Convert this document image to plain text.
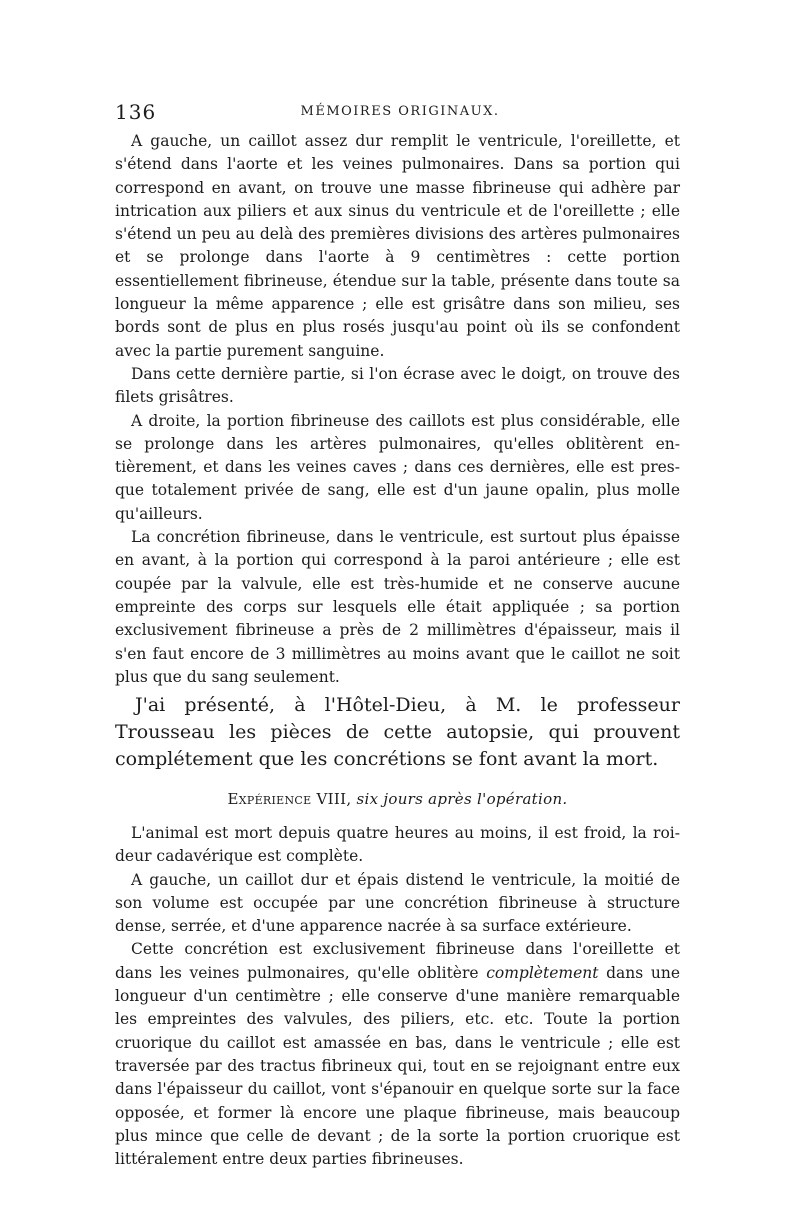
136	MÉMOIRES ORIGINAUX.

A gauche, un caillot assez dur remplit le ventricule, l'oreillette, et s'étend dans l'aorte et les veines pulmonaires. Dans sa portion qui correspond en avant, on trouve une masse fibrineuse qui adhère par intrication aux piliers et aux sinus du ventricule et de l'oreillette ; elle s'étend un peu au delà des premières divisions des artères pulmonaires et se prolonge dans l'aorte à 9 centimètres : cette portion essentiellement fibrineuse, étendue sur la table, présente dans toute sa longueur la même apparence ; elle est grisâtre dans son milieu, ses bords sont de plus en plus rosés jusqu'au point où ils se confondent avec la partie purement sanguine.

Dans cette dernière partie, si l'on écrase avec le doigt, on trouve des filets grisâtres.

A droite, la portion fibrineuse des caillots est plus considérable, elle se prolonge dans les artères pulmonaires, qu'elles oblitèrent entièrement, et dans les veines caves ; dans ces dernières, elle est presque totalement privée de sang, elle est d'un jaune opalin, plus molle qu'ailleurs.

La concrétion fibrineuse, dans le ventricule, est surtout plus épaisse en avant, à la portion qui correspond à la paroi antérieure ; elle est coupée par la valvule, elle est très-humide et ne conserve aucune empreinte des corps sur lesquels elle était appliquée ; sa portion exclusivement fibrineuse a près de 2 millimètres d'épaisseur, mais il s'en faut encore de 3 millimètres au moins avant que le caillot ne soit plus que du sang seulement.

J'ai présenté, à l'Hôtel-Dieu, à M. le professeur Trousseau les pièces de cette autopsie, qui prouvent complétement que les concrétions se font avant la mort.

Expérience VIII, six jours après l'opération.

L'animal est mort depuis quatre heures au moins, il est froid, la roideur cadavérique est complète.

A gauche, un caillot dur et épais distend le ventricule, la moitié de son volume est occupée par une concrétion fibrineuse à structure dense, serrée, et d'une apparence nacrée à sa surface extérieure.

Cette concrétion est exclusivement fibrineuse dans l'oreillette et dans les veines pulmonaires, qu'elle oblitère complètement dans une longueur d'un centimètre ; elle conserve d'une manière remarquable les empreintes des valvules, des piliers, etc. etc. Toute la portion cruorique du caillot est amassée en bas, dans le ventricule ; elle est traversée par des tractus fibrineux qui, tout en se rejoignant entre eux dans l'épaisseur du caillot, vont s'épanouir en quelque sorte sur la face opposée, et former là encore une plaque fibrineuse, mais beaucoup plus mince que celle de devant ; de la sorte la portion cruorique est littéralement entre deux parties fibrineuses.
